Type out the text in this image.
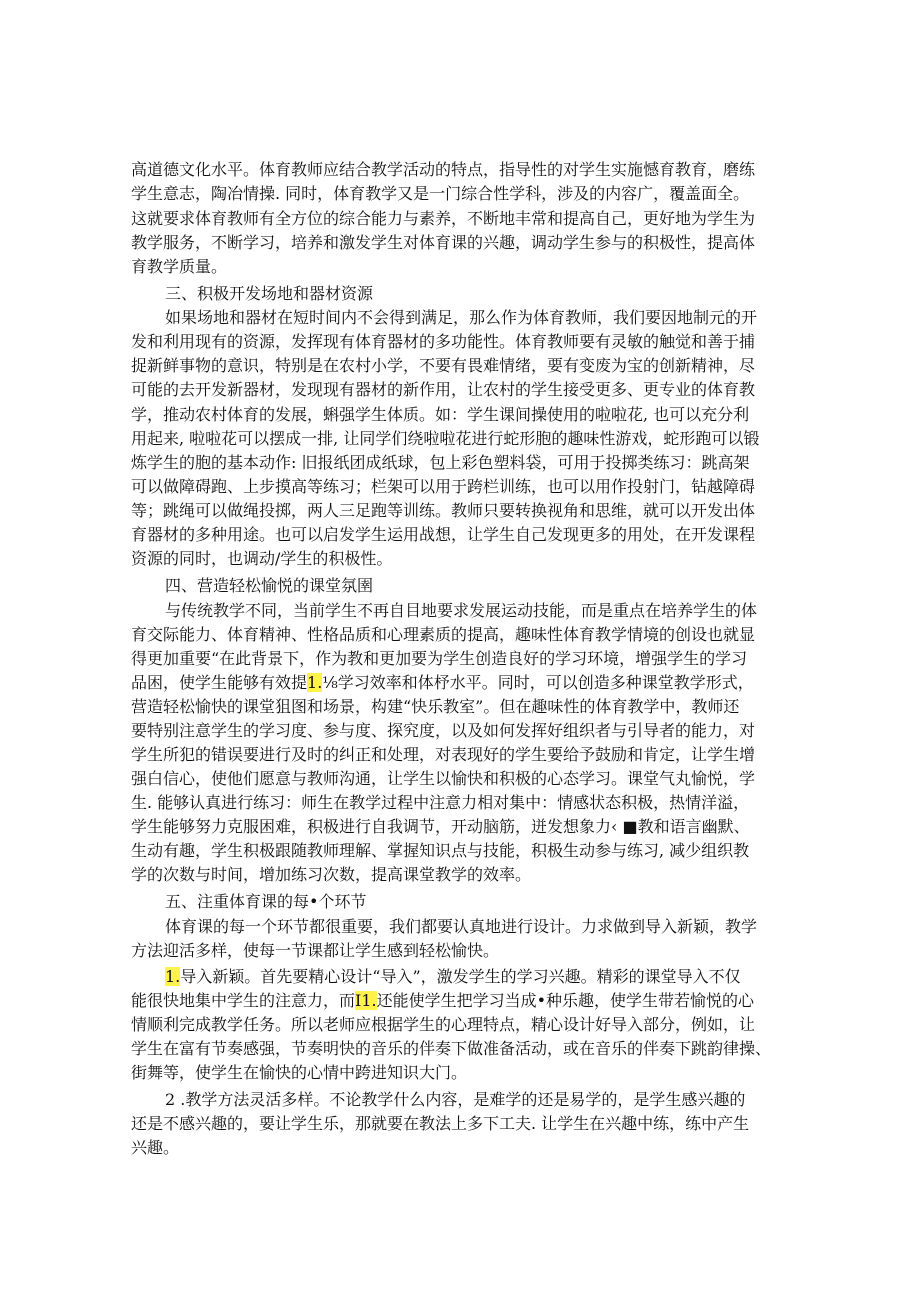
高道德文化水平。体育教师应结合教学活动的特点，指导性的对学生实施憾育教育，磨练
学生意志，陶冶情操. 同时，体育教学又是一门综合性学科，涉及的内容广，覆盖面全。
这就要求体育教师有全方位的综合能力与素养，不断地丰常和提高自己，更好地为学生为
教学服务，不断学习，培养和激发学生对体育课的兴趣，调动学生参与的积极性，提高体
育教学质量。
三、积极开发场地和器材资源
如果场地和器材在短时间内不会得到满足，那么作为体育教师，我们要因地制元的开
发和利用现有的资源，发挥现有体育器材的多功能性。体育教师要有灵敏的触觉和善于捕
捉新鲜事物的意识，特别是在农村小学，不要有畏难情绪，要有变废为宝的创新精神，尽
可能的去开发新器材，发现现有器材的新作用，让农村的学生接受更多、更专业的体育教
学，推动农村体育的发展，蝌强学生体质。如：学生课间操使用的啦啦花, 也可以充分利
用起来, 啦啦花可以摆成一排, 让同学们绕啦啦花进行蛇形胞的趣味性游戏，蛇形跑可以锻
炼学生的胞的基本动作: 旧报纸团成纸球，包上彩色塑料袋，可用于投掷类练习：跳高架
可以做障碍跑、上步摸高等练习；栏架可以用于跨栏训练，也可以用作投射门，钻越障碍
等；跳绳可以做绳投掷，两人三足跑等训练。教师只要转换视角和思维，就可以开发出体
育器材的多种用途。也可以启发学生运用战想，让学生自己发现更多的用处，在开发课程
资源的同时，也调动/学生的积极性。
四、营造轻松愉悦的课堂氛圉
与传统教学不同，当前学生不再自目地要求发展运动技能，而是重点在培养学生的体
育交际能力、体育精神、性格品质和心理素质的提高，趣味性体育教学情境的创设也就显
得更加重要“在此背景下，作为教和更加要为学生创造良好的学习环境，增强学生的学习
品困，使学生能够有效提1.⅛学习效率和体杼水平。同时，可以创造多种课堂教学形式，
营造轻松愉快的课堂狙图和场景，构建“快乐教室”。但在趣味性的体育教学中，教师还
要特别注意学生的学习度、参与度、探究度，以及如何发挥好组织者与引导者的能力，对
学生所犯的错误要进行及时的纠正和处理，对表现好的学生要给予鼓励和肯定，让学生增
强白信心，使他们愿意与教师沟通，让学生以愉快和积极的心态学习。课堂气丸愉悦，学
生. 能够认真进行练习：师生在教学过程中注意力相对集中：情感状态积极，热情洋溢，
学生能够努力克服困难，积极进行自我调节，开动脑筋，迸发想象力‹ ■教和语言幽默、
生动有趣，学生积极跟随教师理解、掌握知识点与技能，积极生动参与练习, 减少组织教
学的次数与时间，增加练习次数，提高课堂教学的效率。
五、注重体育课的每•个环节
体育课的每一个环节都很重要，我们都要认真地进行设计。力求做到导入新颖，教学
方法迎活多样，使每一节课都让学生感到轻松愉快。
1.导入新颖。首先要精心设计“导入”，激发学生的学习兴趣。精彩的课堂导入不仅
能很快地集中学生的注意力，而I1.还能使学生把学习当成•种乐趣，使学生带若愉悦的心
情顺利完成教学任务。所以老师应根据学生的心理特点，精心设计好导入部分，例如，让
学生在富有节奏感强，节奏明快的音乐的伴奏下做准备活动，或在音乐的伴奏下跳韵律操、
街舞等，使学生在愉快的心情中跨进知识大门。
2 .教学方法灵活多样。不论教学什么内容，是难学的还是易学的，是学生感兴趣的
还是不感兴趣的，要让学生乐，那就要在教法上多下工夫. 让学生在兴趣中练，练中产生
兴趣。
